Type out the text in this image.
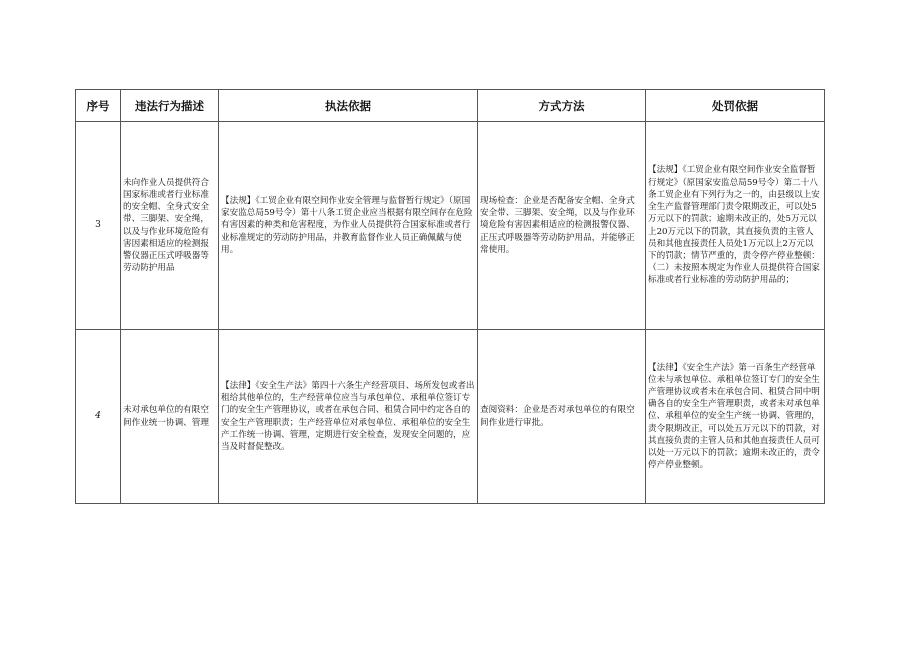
序号	违法行为描述	执法依据	方式方法	处罚依据
3	未向作业人员提供符合国家标准或者行业标准的安全帽、全身式安全带、三脚架、安全绳，以及与作业环境危险有害因素相适应的检测报警仪器正压式呼吸器等劳动防护用品	【法规】《工贸企业有限空间作业安全管理与监督暂行规定》（原国家安监总局59号令）第十八条工贸企业应当根据有限空间存在危险有害因素的种类和危害程度，为作业人员提供符合国家标准或者行业标准规定的劳动防护用品，并教育监督作业人员正确佩戴与使用。	现场检查：企业是否配备安全帽、全身式安全带、三脚架、安全绳，以及与作业环境危险有害因素相适应的检测报警仪器、正压式呼吸器等劳动防护用品，并能够正常使用。	【法规】《工贸企业有限空间作业安全监督暂行规定》（原国家安监总局59号令）第二十八条工贸企业有下列行为之一的，由县级以上安全生产监督管理部门责令限期改正，可以处5万元以下的罚款；逾期未改正的，处5万元以上20万元以下的罚款，其直接负责的主管人员和其他直接责任人员处1万元以上2万元以下的罚款；情节严重的，责令停产停业整顿：（二）未按照本规定为作业人员提供符合国家标准或者行业标准的劳动防护用品的；
4	未对承包单位的有限空间作业统一协调、管理	【法律】《安全生产法》第四十六条生产经营项目、场所发包或者出租给其他单位的，生产经营单位应当与承包单位、承租单位签订专门的安全生产管理协议，或者在承包合同、租赁合同中约定各自的安全生产管理职责；生产经营单位对承包单位、承租单位的安全生产工作统一协调、管理，定期进行安全检查，发现安全问题的，应当及时督促整改。	查阅资料：企业是否对承包单位的有限空间作业进行审批。	【法律】《安全生产法》第一百条生产经营单位未与承包单位、承租单位签订专门的安全生产管理协议或者未在承包合同、租赁合同中明确各自的安全生产管理职责，或者未对承包单位、承租单位的安全生产统一协调、管理的，责令限期改正，可以处五万元以下的罚款，对其直接负责的主管人员和其他直接责任人员可以处一万元以下的罚款；逾期未改正的，责令停产停业整顿。
